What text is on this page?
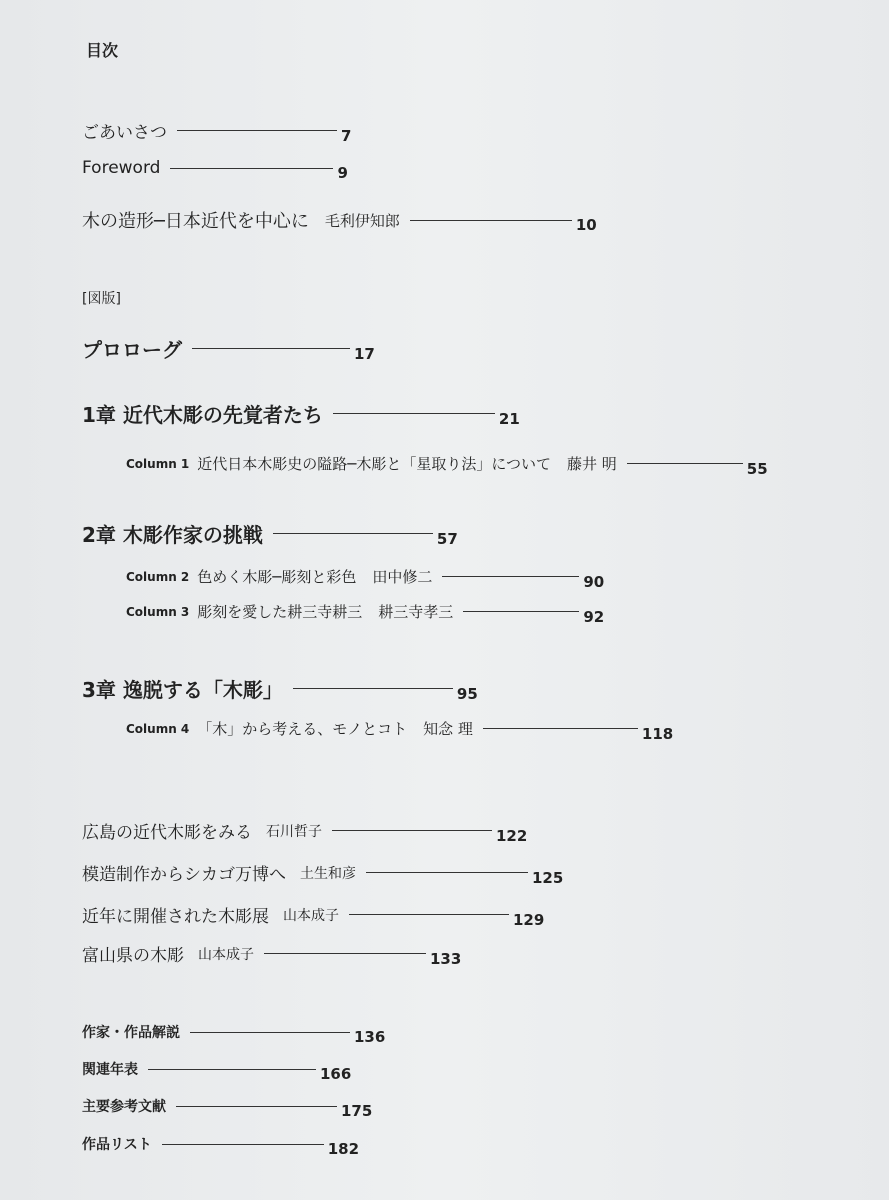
目次
ごあいさつ	7
Foreword	9
木の造形─日本近代を中心に 毛利伊知郎	10
[図版]
プロローグ	17
1章 近代木彫の先覚者たち	21
Column 1 近代日本木彫史の隘路─木彫と「星取り法」について 藤井 明	55
2章 木彫作家の挑戦	57
Column 2 色めく木彫─彫刻と彩色 田中修二	90
Column 3 彫刻を愛した耕三寺耕三 耕三寺孝三	92
3章 逸脱する「木彫」	95
Column 4 「木」から考える、モノとコト 知念 理	118
広島の近代木彫をみる 石川哲子	122
模造制作からシカゴ万博へ 土生和彦	125
近年に開催された木彫展 山本成子	129
富山県の木彫 山本成子	133
作家・作品解説	136
関連年表	166
主要参考文献	175
作品リスト	182
